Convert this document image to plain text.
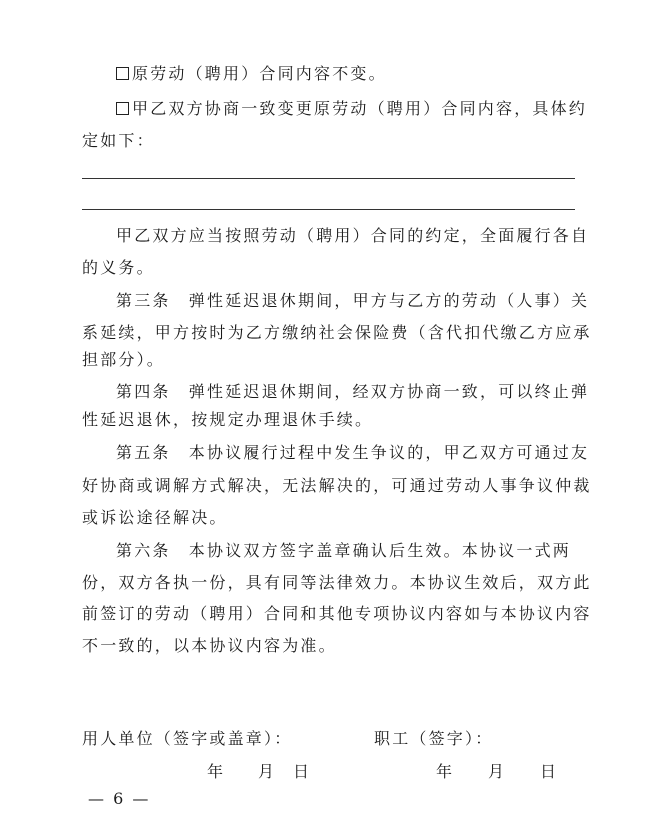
原劳动（聘用）合同内容不变。
甲乙双方协商一致变更原劳动（聘用）合同内容，具体约
定如下：
甲乙双方应当按照劳动（聘用）合同的约定，全面履行各自
的义务。
第三条　弹性延迟退休期间，甲方与乙方的劳动（人事）关
系延续，甲方按时为乙方缴纳社会保险费（含代扣代缴乙方应承
担部分）。
第四条　弹性延迟退休期间，经双方协商一致，可以终止弹
性延迟退休，按规定办理退休手续。
第五条　本协议履行过程中发生争议的，甲乙双方可通过友
好协商或调解方式解决，无法解决的，可通过劳动人事争议仲裁
或诉讼途径解决。
第六条　本协议双方签字盖章确认后生效。本协议一式两
份，双方各执一份，具有同等法律效力。本协议生效后，双方此
前签订的劳动（聘用）合同和其他专项协议内容如与本协议内容
不一致的，以本协议内容为准。
用人单位（签字或盖章）：	职工（签字）：
年 月 日	年 月 日
— 6 —
